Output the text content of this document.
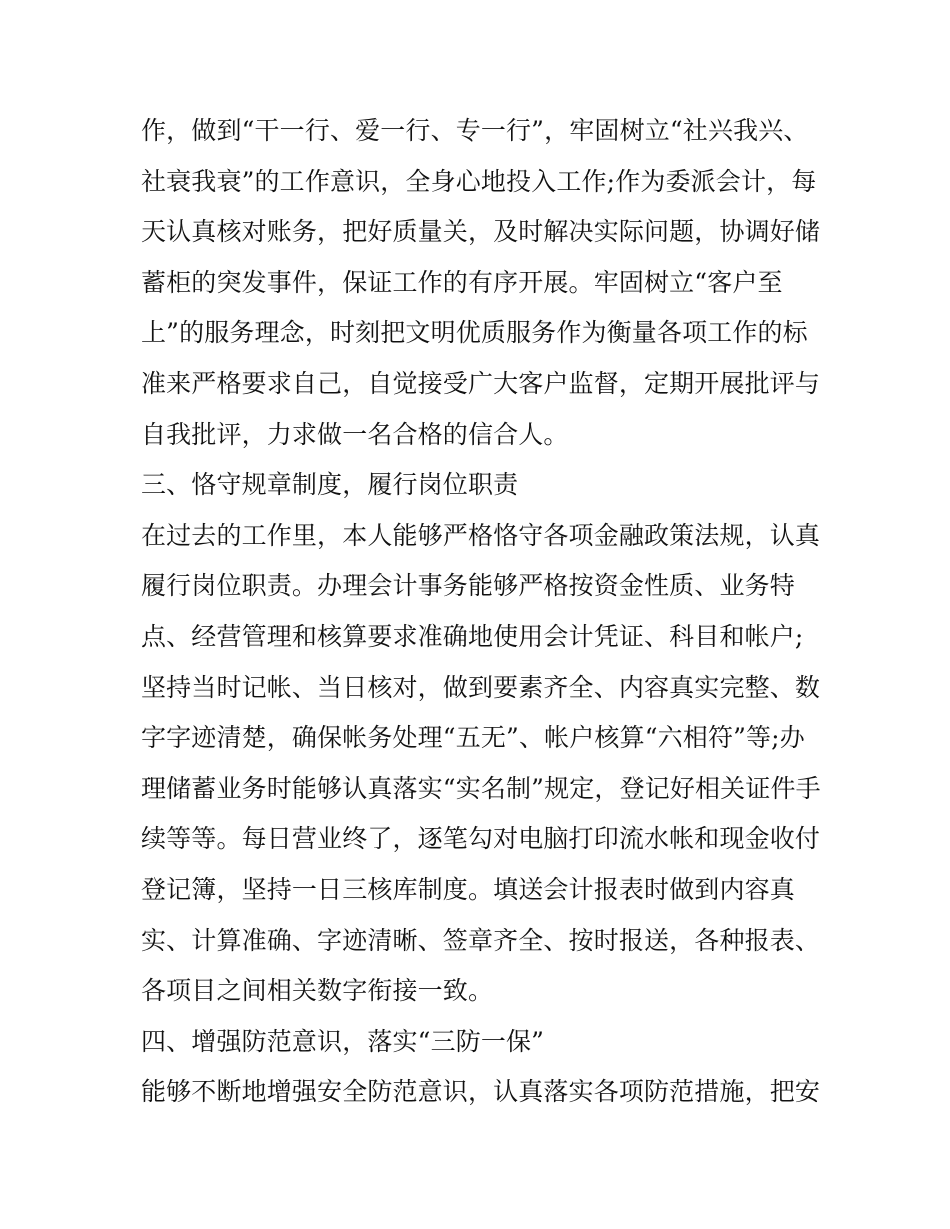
作，做到“干一行、爱一行、专一行”，牢固树立“社兴我兴、
社衰我衰”的工作意识，全身心地投入工作;作为委派会计，每
天认真核对账务，把好质量关，及时解决实际问题，协调好储
蓄柜的突发事件，保证工作的有序开展。牢固树立“客户至
上”的服务理念，时刻把文明优质服务作为衡量各项工作的标
准来严格要求自己，自觉接受广大客户监督，定期开展批评与
自我批评，力求做一名合格的信合人。
三、恪守规章制度，履行岗位职责
在过去的工作里，本人能够严格恪守各项金融政策法规，认真
履行岗位职责。办理会计事务能够严格按资金性质、业务特
点、经营管理和核算要求准确地使用会计凭证、科目和帐户;
坚持当时记帐、当日核对，做到要素齐全、内容真实完整、数
字字迹清楚，确保帐务处理“五无”、帐户核算“六相符”等;办
理储蓄业务时能够认真落实“实名制”规定，登记好相关证件手
续等等。每日营业终了，逐笔勾对电脑打印流水帐和现金收付
登记簿，坚持一日三核库制度。填送会计报表时做到内容真
实、计算准确、字迹清晰、签章齐全、按时报送，各种报表、
各项目之间相关数字衔接一致。
四、增强防范意识，落实“三防一保”
能够不断地增强安全防范意识，认真落实各项防范措施，把安
